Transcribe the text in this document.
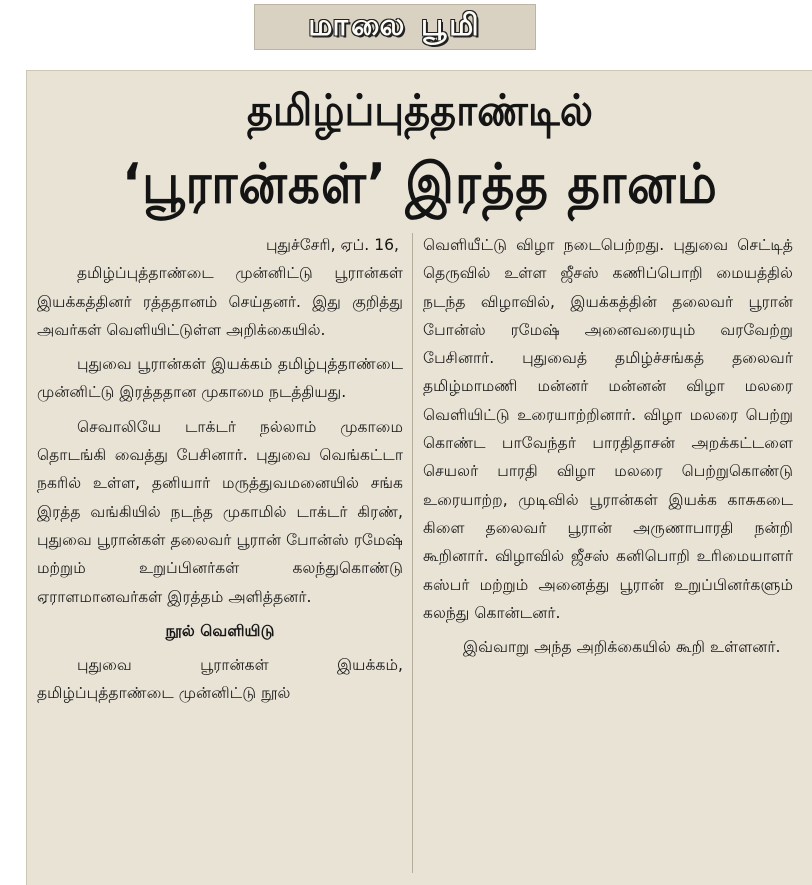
மாலை பூமி
தமிழ்ப்புத்தாண்டில்
‘பூரான்கள்’ இரத்த தானம்

புதுச்சேரி, ஏப். 16,

தமிழ்ப்புத்தாண்டை முன்னிட்டு பூரான்கள் இயக்கத்தினர் ரத்ததானம் செய்தனர். இது குறித்து அவர்கள் வெளியிட்டுள்ள அறிக்கையில்.

புதுவை பூரான்கள் இயக்கம் தமிழ்புத்தாண்டை முன்னிட்டு இரத்ததான முகாமை நடத்தியது.

செவாலியே டாக்டர் நல்லாம் முகாமை தொடங்கி வைத்து பேசினார். புதுவை வெங்கட்டா நகரில் உள்ள, தனியார் மருத்துவமனையில் சங்க இரத்த வங்கியில் நடந்த முகாமில் டாக்டர் கிரண், புதுவை பூரான்கள் தலைவர் பூரான் போன்ஸ் ரமேஷ் மற்றும் உறுப்பினர்கள் கலந்துகொண்டு ஏராளமானவர்கள் இரத்தம் அளித்தனர்.

நூல் வெளியிடு

புதுவை பூரான்கள் இயக்கம், தமிழ்ப்புத்தாண்டை முன்னிட்டு நூல்

வெளியீட்டு விழா நடைபெற்றது. புதுவை செட்டித் தெருவில் உள்ள ஜீசஸ் கணிப்பொறி மையத்தில் நடந்த விழாவில், இயக்கத்தின் தலைவர் பூரான் போன்ஸ் ரமேஷ் அனைவரையும் வரவேற்று பேசினார். புதுவைத் தமிழ்ச்சங்கத் தலைவர் தமிழ்மாமணி மன்னர் மன்னன் விழா மலரை வெளியிட்டு உரையாற்றினார். விழா மலரை பெற்று கொண்ட பாவேந்தர் பாரதிதாசன் அறக்கட்டளை செயலர் பாரதி விழா மலரை பெற்றுகொண்டு உரையாற்ற, முடிவில் பூரான்கள் இயக்க காசுகடை கிளை தலைவர் பூரான் அருணாபாரதி நன்றி கூறினார். விழாவில் ஜீசஸ் கனிபொறி உரிமையாளர் கஸ்பர் மற்றும் அனைத்து பூரான் உறுப்பினர்களும் கலந்து கொன்டனர்.

இவ்வாறு அந்த அறிக்கையில் கூறி உள்ளனர்.
